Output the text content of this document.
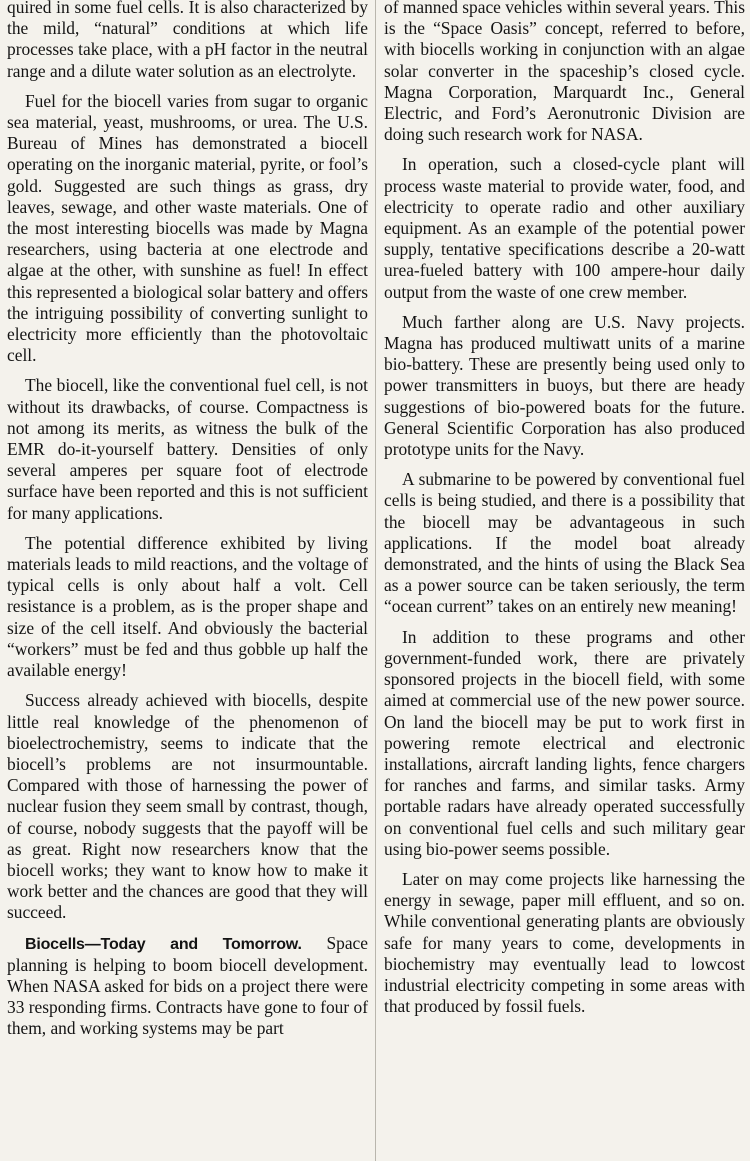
quired in some fuel cells. It is also characterized by the mild, “natural” conditions at which life processes take place, with a pH factor in the neutral range and a dilute water solution as an electrolyte.

Fuel for the biocell varies from sugar to organic sea material, yeast, mushrooms, or urea. The U.S. Bureau of Mines has demonstrated a biocell operating on the inorganic material, pyrite, or fool’s gold. Suggested are such things as grass, dry leaves, sewage, and other waste materials. One of the most interesting biocells was made by Magna researchers, using bacteria at one electrode and algae at the other, with sunshine as fuel! In effect this represented a biological solar battery and offers the intriguing possibility of converting sunlight to electricity more efficiently than the photovoltaic cell.

The biocell, like the conventional fuel cell, is not without its drawbacks, of course. Compactness is not among its merits, as witness the bulk of the EMR do-it-yourself battery. Densities of only several amperes per square foot of electrode surface have been reported and this is not sufficient for many applications.

The potential difference exhibited by living materials leads to mild reactions, and the voltage of typical cells is only about half a volt. Cell resistance is a problem, as is the proper shape and size of the cell itself. And obviously the bacterial “workers” must be fed and thus gobble up half the available energy!

Success already achieved with biocells, despite little real knowledge of the phenomenon of bioelectrochemistry, seems to indicate that the biocell’s problems are not insurmountable. Compared with those of harnessing the power of nuclear fusion they seem small by contrast, though, of course, nobody suggests that the payoff will be as great. Right now researchers know that the biocell works; they want to know how to make it work better and the chances are good that they will succeed.

Biocells—Today and Tomorrow. Space planning is helping to boom biocell development. When NASA asked for bids on a project there were 33 responding firms. Contracts have gone to four of them, and working systems may be part

of manned space vehicles within several years. This is the “Space Oasis” concept, referred to before, with biocells working in conjunction with an algae solar converter in the spaceship’s closed cycle. Magna Corporation, Marquardt Inc., General Electric, and Ford’s Aeronutronic Division are doing such research work for NASA.

In operation, such a closed-cycle plant will process waste material to provide water, food, and electricity to operate radio and other auxiliary equipment. As an example of the potential power supply, tentative specifications describe a 20-watt urea-fueled battery with 100 ampere-hour daily output from the waste of one crew member.

Much farther along are U.S. Navy projects. Magna has produced multiwatt units of a marine bio-battery. These are presently being used only to power transmitters in buoys, but there are heady suggestions of bio-powered boats for the future. General Scientific Corporation has also produced prototype units for the Navy.

A submarine to be powered by conventional fuel cells is being studied, and there is a possibility that the biocell may be advantageous in such applications. If the model boat already demonstrated, and the hints of using the Black Sea as a power source can be taken seriously, the term “ocean current” takes on an entirely new meaning!

In addition to these programs and other government-funded work, there are privately sponsored projects in the biocell field, with some aimed at commercial use of the new power source. On land the biocell may be put to work first in powering remote electrical and electronic installations, aircraft landing lights, fence chargers for ranches and farms, and similar tasks. Army portable radars have already operated successfully on conventional fuel cells and such military gear using bio-power seems possible.

Later on may come projects like harnessing the energy in sewage, paper mill effluent, and so on. While conventional generating plants are obviously safe for many years to come, developments in biochemistry may eventually lead to lowcost industrial electricity competing in some areas with that produced by fossil fuels.
